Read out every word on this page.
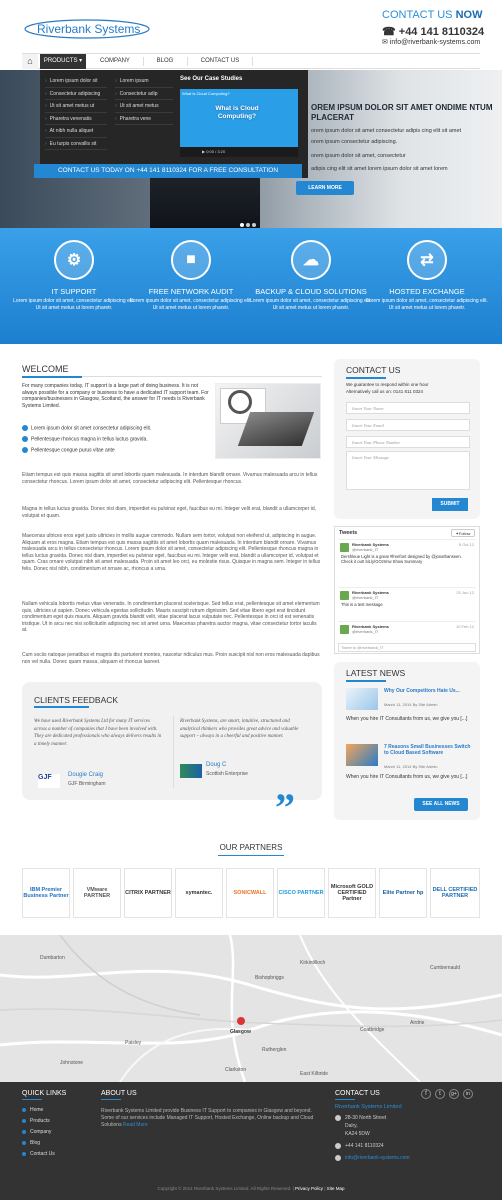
Riverbank Systems
CONTACT US NOW
☎ +44 141 8110324
✉ info@riverbank-systems.com
⌂	PRODUCTS ▾	COMPANY	BLOG	CONTACT US
OREM IPSUM DOLOR SIT AMET ONDIME NTUM PLACERAT
orem ipsum dolor sit amet consectetur adipis cing elit sit amet
orem ipsum consectetur adipiscing.
orem ipsum dolor sit amet, consectetur
adipis cing elit sit amet lorem ipsum dolor sit amet lorem
LEARN MORE
› Lorem ipsum dolor sit
› Consectetur adipiscing
› Ut sit amet metus ut
› Pharetra venenatis
› At nibh nulla aliquet
› Eu turpis convallis sit
› Lorem ipsum
› Consectetur adip
› Ut sit amet metus
› Pharetra vene
See Our Case Studies
What is Cloud Computing?
What is Cloud Computing?
▶ 0:00 / 3:20
CONTACT US TODAY ON +44 141 8110324 FOR A FREE CONSULTATION
⚙
IT SUPPORT

Lorem ipsum dolor sit amet, consectetur adipiscing elit. Ut sit amet metus ut lorem pharetr.

■
FREE NETWORK AUDIT

Lorem ipsum dolor sit amet, consectetur adipiscing elit. Ut sit amet metus ut lorem pharetr.

☁
BACKUP & CLOUD SOLUTIONS

Lorem ipsum dolor sit amet, consectetur adipiscing elit. Ut sit amet metus ut lorem pharetr.

⇄
HOSTED EXCHANGE

Lorem ipsum dolor sit amet, consectetur adipiscing elit. Ut sit amet metus ut lorem pharetr.

WELCOME
For many companies today, IT support is a large part of doing business. It is not always possible for a company or business to have a dedicated IT support team. For companies/businesses in Glasgow, Scotland, the answer for IT needs is Riverbank Systems Limited.
Lorem ipsum dolor sit amet consectetur adipiscing elit.
Pellentesque rhoncus magna in tellus luctus gravida.
Pellentesque congue purus vitae ante
Etiam tempus est quis massa sagittis sit amet lobortis quam malesuada. In interdum blandit ornare. Vivamus malesuada arcu in tellus consectetur rhoncus. Lorem ipsum dolor sit amet, consectetur adipiscing elit. Pellentesque rhoncus.
Magna in tellus luctus gravida. Donec nisl diam, imperdiet eu pulvinar eget, faucibus eu mi. Integer velit erat, blandit a ullamcorper id, volutpat et quam.
Maecenas ultrices eros eget justo ultricies in mollis augue commodo. Nullam sem tortor, volutpat non eleifend ut, adipiscing in augue. Aliquam at eros magna. Etiam tempus est quis massa sagittis sit amet lobortis quam malesuada. In interdum blandit ornare. Vivamus malesuada arcu in tellus consectetur rhoncus. Lorem ipsum dolor sit amet, consectetur adipiscing elit. Pellentesque rhoncus magna in tellus luctus gravida. Donec nisl diam, imperdiet eu pulvinar eget, faucibus eu mi. Integer velit erat, blandit a ullamcorper id, volutpat et quam. Cras ornare volutpat nibh sit amet malesuada. Proin sit amet leo orci, eu molestie risus. Quisque in magna sem. Integer in tellus felis. Donec nisl nibh, condimentum et ornare ac, rhoncus a urna.
Nullam vehicula lobortis metus vitae venenatis. In condimentum placerat scelerisque. Sed tellus erat, pellentesque sit amet elementum quis, ultricies ut sapien. Donec vehicula egestas sollicitudin. Mauris suscipit rutrum dignissim. Sed vitae libero eget erat tincidunt condimentum eget quis mauris. Aliquam gravida blandit velit, vitae placerat lacus vulputate nec. Pellentesque in orci id est venenatis tristique. Ut in arcu nec nisi sollicitudin adipiscing nec sit amet urna. Maecenas pharetra auctor magna, vitae consectetur tortor iaculis at.
Cum sociis natoque penatibus et magnis dis parturient montes, nascetur ridiculus mus. Proin suscipit nisl non eros malesuada dapibus non vel nulla. Donec quam massa, aliquam et rhoncus laoreet.
CONTACT US
We guarantee to respond within one hour
Alternatively call us on: 0141 811 0324
Insert Your Name
Insert Your Email
Insert Your Phone Number
Insert Your Message
SUBMIT
Tweets	✦Follow
Riverbank Systems
@riverbank_IT
5 Oct 12
Dershleue Light is a great #freefont designed by @jonathanseen. Check it out! bit.ly/GOzImw Show Summary
Riverbank Systems
@riverbank_IT
20 Jun 12
This is a test message
Riverbank Systems
@riverbank_IT
10 Feb 12
Tweet to @riverbank_IT
CLIENTS FEEDBACK
We have used Riverbank Systems Ltd for many IT services across a number of companies that I have been involved with. They are dedicated professionals who always delivers results in a timely manner.
GJF	Dougie Craig
GJF Birmingham
Riverbank Systems, are smart, intuitive, structured and analytical thinkers who provides great advice and valuable support – always in a cheerful and positive manner.
Doug C
Scottish Enterprise
”
LATEST NEWS
Why Our Competitors Hate Us...
March 11, 2014 By Site Admin
When you hire IT Consultants from us, we give you [...]
7 Reasons Small Businesses Switch to Cloud Based Software
March 11, 2014 By Site Admin
When you hire IT Consultants from us, we give you [...]
SEE ALL NEWS
OUR PARTNERS
IBM Premier Business Partner
VMware PARTNER	CITRIX PARTNER	symantec.	SONICWALL	CISCO PARTNER
Microsoft GOLD CERTIFIED Partner
Elite Partner hp	DELL CERTIFIED PARTNER
Dumbarton
Bishopbriggs
Kirkintilloch
Cumbernauld
Paisley
Glasgow
Rutherglen
Coatbridge
Airdrie
Johnstone
Clarkston
East Kilbride
QUICK LINKS
Home
Products
Company
Blog
Contact Us
ABOUT US
Riverbank Systems Limited provide Business IT Support to companies in Glasgow and beyond. Some of our services include Managed IT Support, Hosted Exchange, Online backup and Cloud Solutions Read More
CONTACT US	f	t	g+	in
Riverbank Systems Limited
28-30 North Street
Dalry,
KA24 5DW
+44 141 8110324
info@riverbank-systems.com
Copyright © 2014 Riverbank Systems Limited. All Rights Reserved. | Privacy Policy | Site Map
